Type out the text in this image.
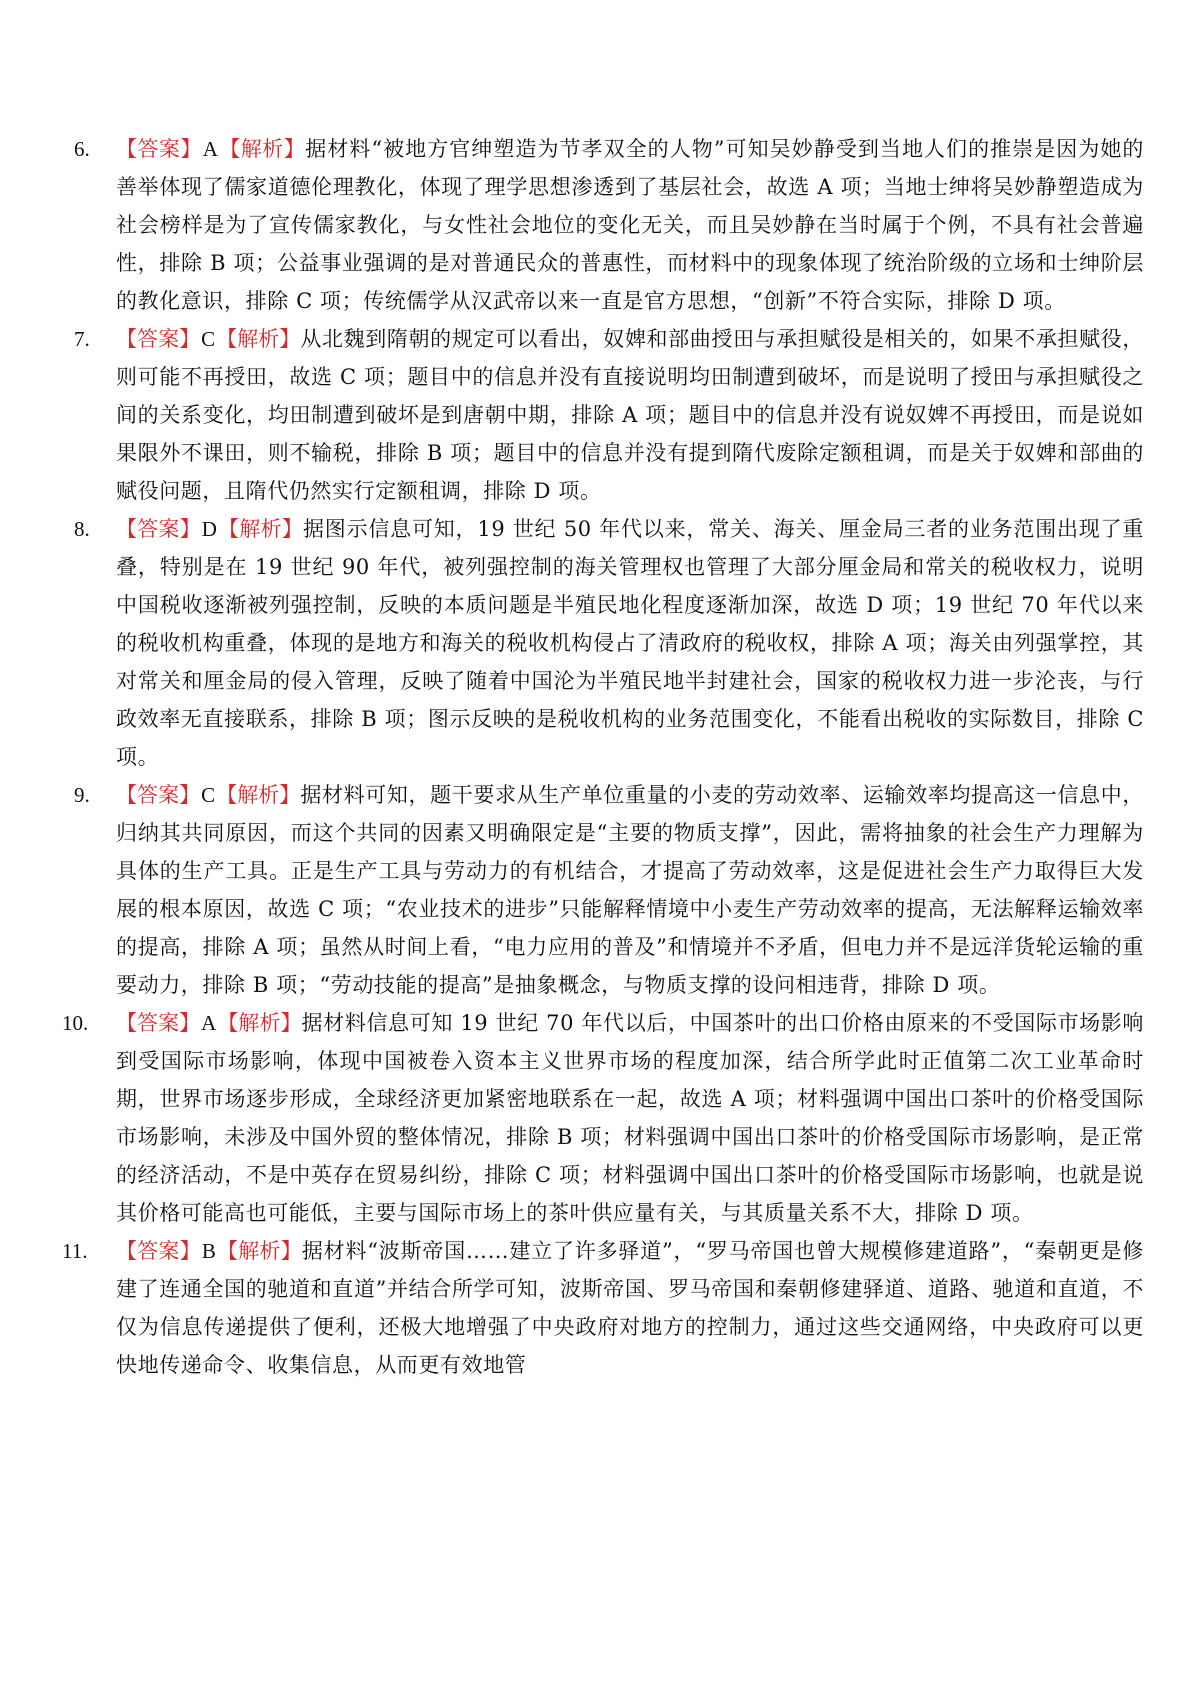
6.	【答案】A【解析】据材料“被地方官绅塑造为节孝双全的人物”可知吴妙静受到当地人们的推崇是因为她的善举体现了儒家道德伦理教化，体现了理学思想渗透到了基层社会，故选 A 项；当地士绅将吴妙静塑造成为社会榜样是为了宣传儒家教化，与女性社会地位的变化无关，而且吴妙静在当时属于个例，不具有社会普遍性，排除 B 项；公益事业强调的是对普通民众的普惠性，而材料中的现象体现了统治阶级的立场和士绅阶层的教化意识，排除 C 项；传统儒学从汉武帝以来一直是官方思想，“创新”不符合实际，排除 D 项。
7.	【答案】C【解析】从北魏到隋朝的规定可以看出，奴婢和部曲授田与承担赋役是相关的，如果不承担赋役，则可能不再授田，故选 C 项；题目中的信息并没有直接说明均田制遭到破坏，而是说明了授田与承担赋役之间的关系变化，均田制遭到破坏是到唐朝中期，排除 A 项；题目中的信息并没有说奴婢不再授田，而是说如果限外不课田，则不输税，排除 B 项；题目中的信息并没有提到隋代废除定额租调，而是关于奴婢和部曲的赋役问题，且隋代仍然实行定额租调，排除 D 项。
8.	【答案】D【解析】据图示信息可知，19 世纪 50 年代以来，常关、海关、厘金局三者的业务范围出现了重叠，特别是在 19 世纪 90 年代，被列强控制的海关管理权也管理了大部分厘金局和常关的税收权力，说明中国税收逐渐被列强控制，反映的本质问题是半殖民地化程度逐渐加深，故选 D 项；19 世纪 70 年代以来的税收机构重叠，体现的是地方和海关的税收机构侵占了清政府的税收权，排除 A 项；海关由列强掌控，其对常关和厘金局的侵入管理，反映了随着中国沦为半殖民地半封建社会，国家的税收权力进一步沦丧，与行政效率无直接联系，排除 B 项；图示反映的是税收机构的业务范围变化，不能看出税收的实际数目，排除 C 项。
9.	【答案】C【解析】据材料可知，题干要求从生产单位重量的小麦的劳动效率、运输效率均提高这一信息中，归纳其共同原因，而这个共同的因素又明确限定是“主要的物质支撑”，因此，需将抽象的社会生产力理解为具体的生产工具。正是生产工具与劳动力的有机结合，才提高了劳动效率，这是促进社会生产力取得巨大发展的根本原因，故选 C 项；“农业技术的进步”只能解释情境中小麦生产劳动效率的提高，无法解释运输效率的提高，排除 A 项；虽然从时间上看，“电力应用的普及”和情境并不矛盾，但电力并不是远洋货轮运输的重要动力，排除 B 项；“劳动技能的提高”是抽象概念，与物质支撑的设问相违背，排除 D 项。
10.	【答案】A【解析】据材料信息可知 19 世纪 70 年代以后，中国茶叶的出口价格由原来的不受国际市场影响到受国际市场影响，体现中国被卷入资本主义世界市场的程度加深，结合所学此时正值第二次工业革命时期，世界市场逐步形成，全球经济更加紧密地联系在一起，故选 A 项；材料强调中国出口茶叶的价格受国际市场影响，未涉及中国外贸的整体情况，排除 B 项；材料强调中国出口茶叶的价格受国际市场影响，是正常的经济活动，不是中英存在贸易纠纷，排除 C 项；材料强调中国出口茶叶的价格受国际市场影响，也就是说其价格可能高也可能低，主要与国际市场上的茶叶供应量有关，与其质量关系不大，排除 D 项。
11.	【答案】B【解析】据材料“波斯帝国……建立了许多驿道”，“罗马帝国也曾大规模修建道路”，“秦朝更是修建了连通全国的驰道和直道”并结合所学可知，波斯帝国、罗马帝国和秦朝修建驿道、道路、驰道和直道，不仅为信息传递提供了便利，还极大地增强了中央政府对地方的控制力，通过这些交通网络，中央政府可以更快地传递命令、收集信息，从而更有效地管
